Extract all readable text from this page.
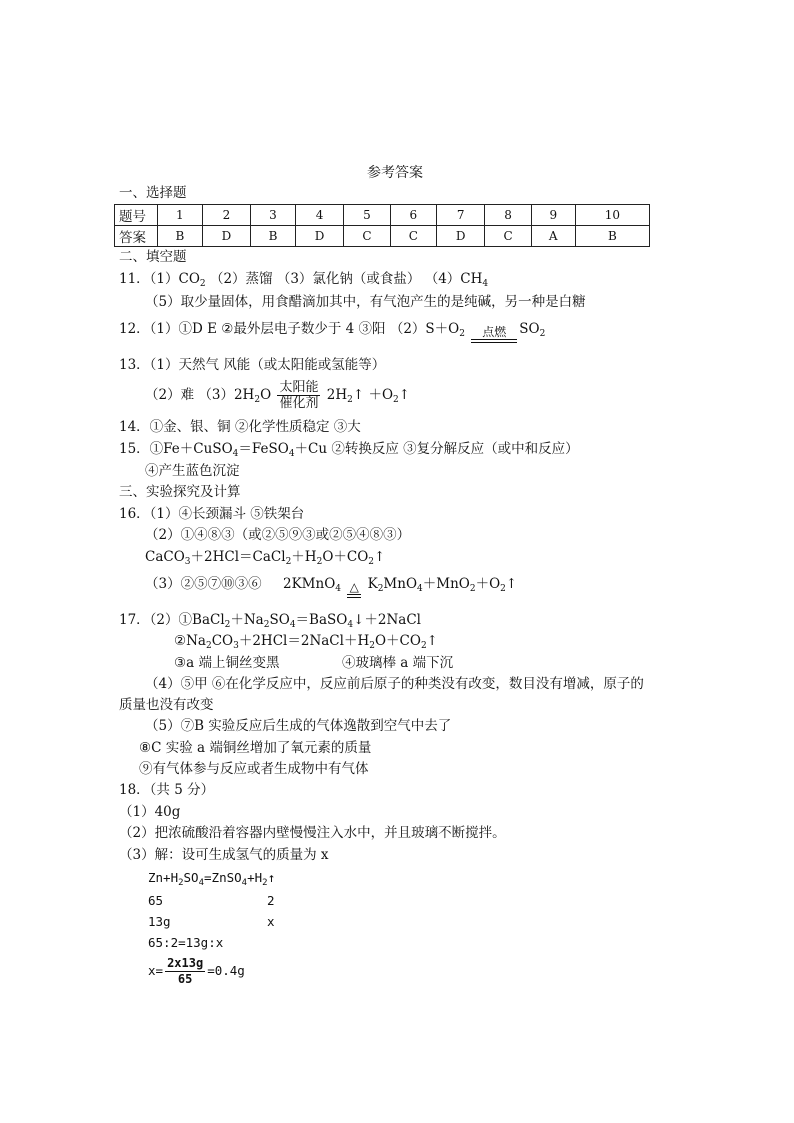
参考答案
一、选择题
题号	1	2	3	4	5	6	7	8	9	10
答案	B	D	B	D	C	C	D	C	A	B
二、填空题
11．$(1)CO_2$ （2）蒸馏 （3）氯化钠（或食盐） $(4)CH_4$
（5）取少量固体，用食醋滴加其中，有气泡产生的是纯碱，另一种是白糖
12．（1）①D E ②最外层电子数少于 4 ③阳 $(2)S+O_2$	点燃 $SO_2$
13．（1）天然气 风能（或太阳能或氢能等）
（2）难 $(3)2H_2O \frac{\text{太阳能}}{\text{催化剂}}$ $2H_2↑$ $+O_2↑$
14．①金、银、铜 ②化学性质稳定 ③大
15．①Fe＋CuSO$_4$＝FeSO$_4$＋Cu ②转换反应 ③复分解反应（或中和反应）
④产生蓝色沉淀
三、实验探究及计算
16．（1）④长颈漏斗 ⑤铁架台
（2）①④⑧③（或②⑤⑨③或②⑤④⑧③）
$CaCO_3+2HCl=CaCl_2+H_2O+CO_2↑$
（3）②⑤⑦⑩③⑥ 2KMnO$_4$ △ $K_2MnO_4+MnO_2+O_2↑$
17．$(2)①BaCl_2+Na_2SO_4=BaSO_4↓+2NaCl$
$②Na_2CO_3+2HCl=2NaCl+H_2O+CO_2↑$
③a 端上铜丝变黑	④玻璃棒 a 端下沉
（4）⑤甲 ⑥在化学反应中，反应前后原子的种类没有改变，数目没有增减，原子的
质量也没有改变
（5）⑦B 实验反应后生成的气体逸散到空气中去了
⑧C 实验 a 端铜丝增加了氧元素的质量
⑨有气体参与反应或者生成物中有气体
18．（共 5 分）
（1）40g
（2）把浓硫酸沿着容器内壁慢慢注入水中，并且玻璃不断搅拌。
（3）解：设可生成氢气的质量为 x
$Zn+H_2SO_4=ZnSO_4+H_2↑$
65	2
13g	x
65:2=13g:x
$x= \frac{2x13g}{65} =0.4g$
